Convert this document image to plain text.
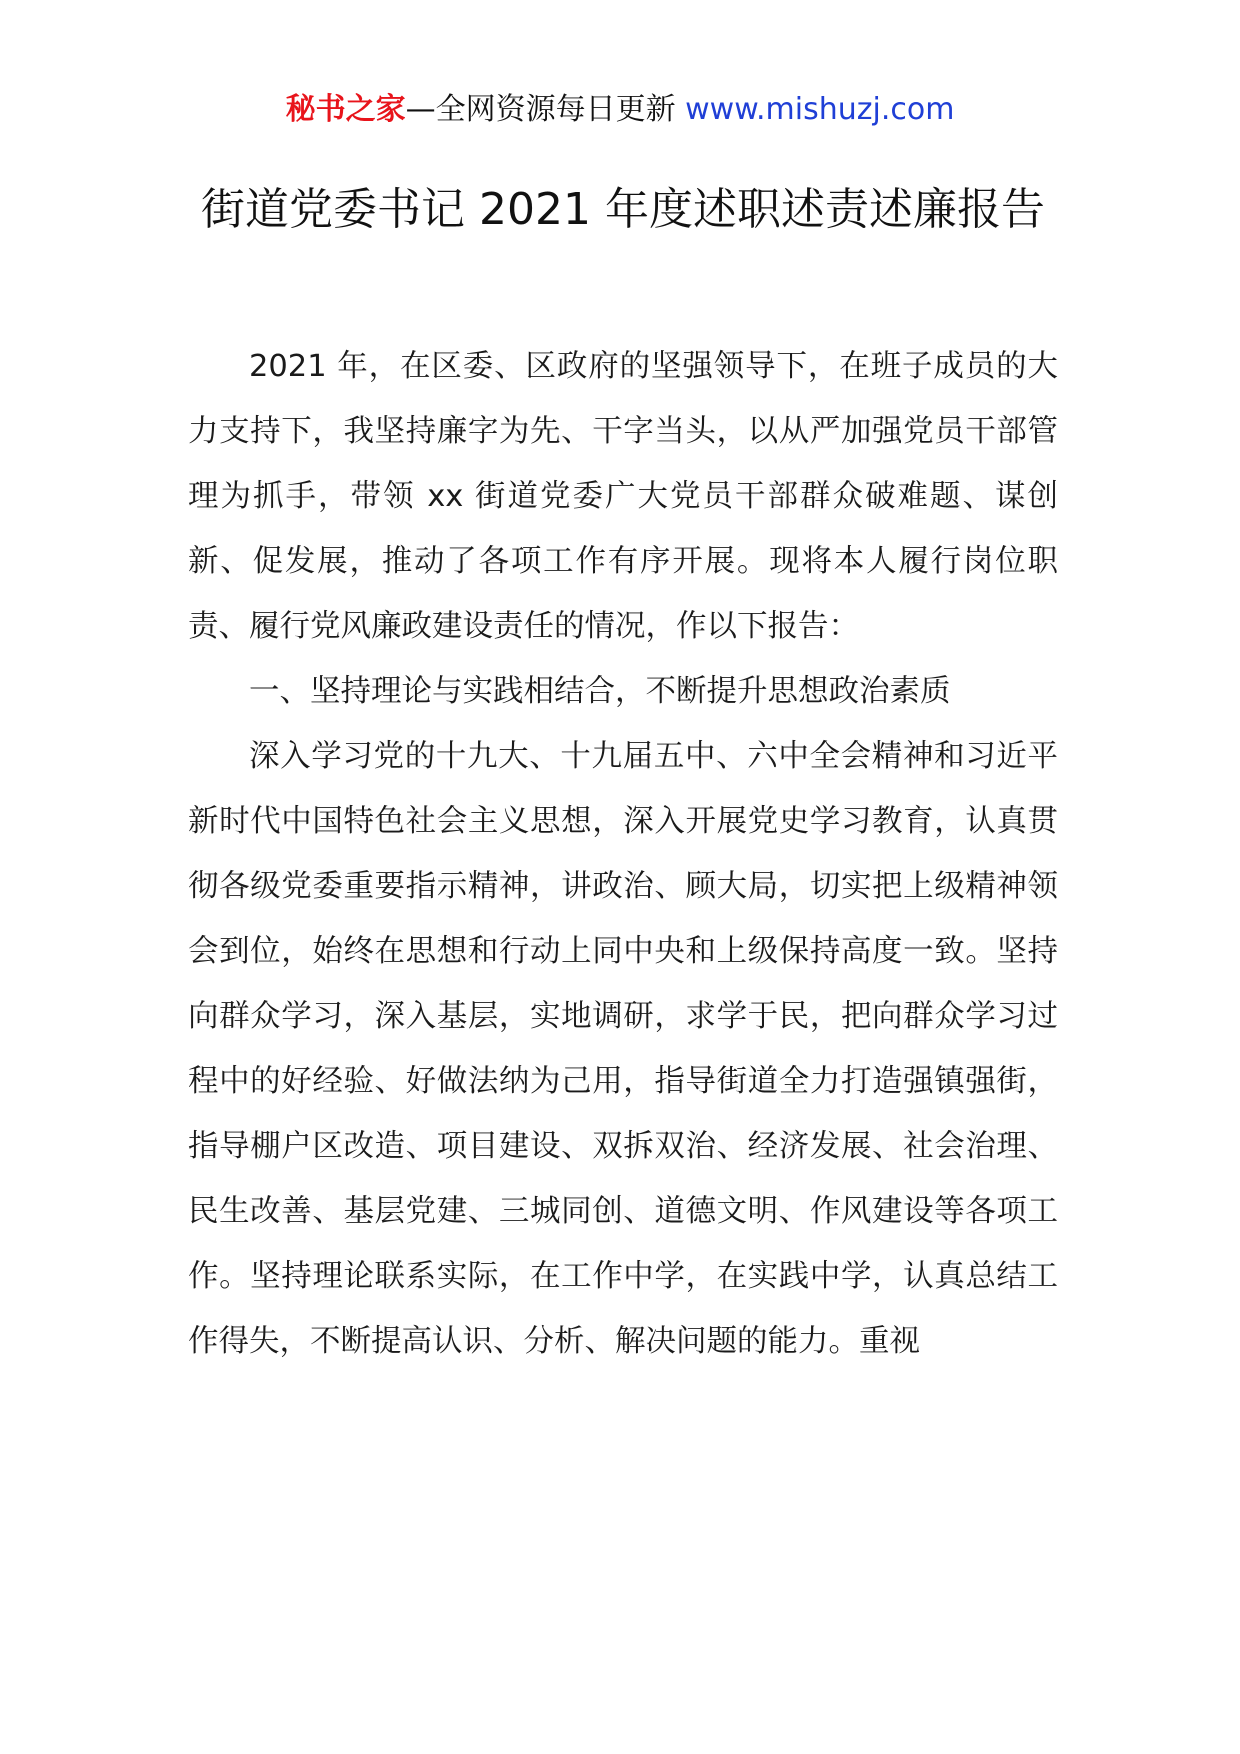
秘书之家—全网资源每日更新 www.mishuzj.com
街道党委书记 2021 年度述职述责述廉报告

2021 年，在区委、区政府的坚强领导下，在班子成员的大力支持下，我坚持廉字为先、干字当头，以从严加强党员干部管理为抓手，带领 xx 街道党委广大党员干部群众破难题、谋创新、促发展，推动了各项工作有序开展。现将本人履行岗位职责、履行党风廉政建设责任的情况，作以下报告：

一、坚持理论与实践相结合，不断提升思想政治素质

深入学习党的十九大、十九届五中、六中全会精神和习近平新时代中国特色社会主义思想，深入开展党史学习教育，认真贯彻各级党委重要指示精神，讲政治、顾大局，切实把上级精神领会到位，始终在思想和行动上同中央和上级保持高度一致。坚持向群众学习，深入基层，实地调研，求学于民，把向群众学习过程中的好经验、好做法纳为己用，指导街道全力打造强镇强街，指导棚户区改造、项目建设、双拆双治、经济发展、社会治理、民生改善、基层党建、三城同创、道德文明、作风建设等各项工作。坚持理论联系实际，在工作中学，在实践中学，认真总结工作得失，不断提高认识、分析、解决问题的能力。重视
